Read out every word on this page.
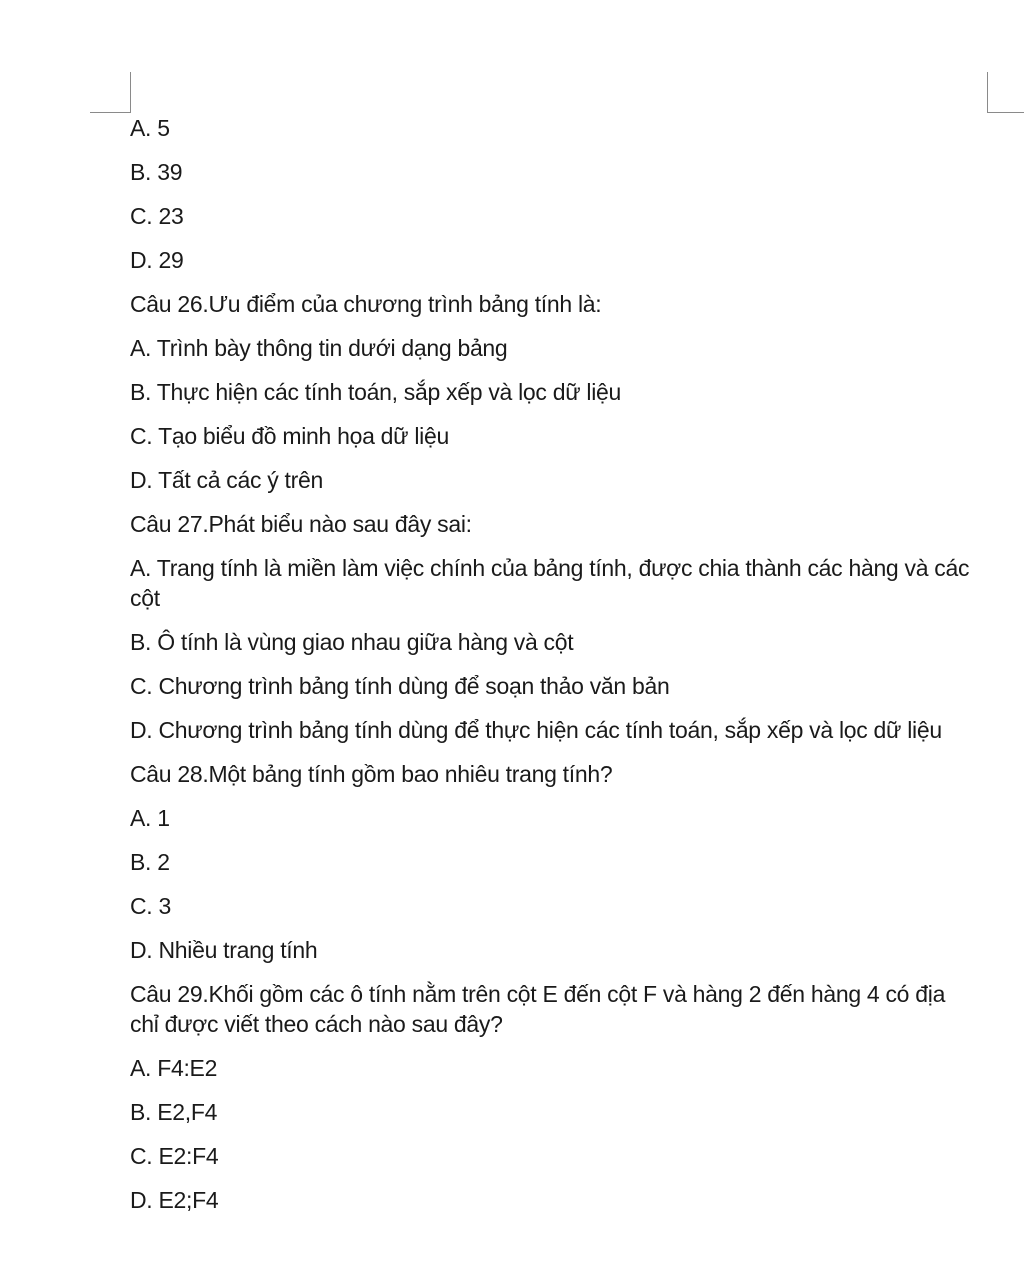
A. 5

B. 39

C. 23

D. 29

Câu 26.Ưu điểm của chương trình bảng tính là:

A. Trình bày thông tin dưới dạng bảng

B. Thực hiện các tính toán, sắp xếp và lọc dữ liệu

C. Tạo biểu đồ minh họa dữ liệu

D. Tất cả các ý trên

Câu 27.Phát biểu nào sau đây sai:

A. Trang tính là miền làm việc chính của bảng tính, được chia thành các hàng và các cột

B. Ô tính là vùng giao nhau giữa hàng và cột

C. Chương trình bảng tính dùng để soạn thảo văn bản

D. Chương trình bảng tính dùng để thực hiện các tính toán, sắp xếp và lọc dữ liệu

Câu 28.Một bảng tính gồm bao nhiêu trang tính?

A. 1

B. 2

C. 3

D. Nhiều trang tính

Câu 29.Khối gồm các ô tính nằm trên cột E đến cột F và hàng 2 đến hàng 4 có địa chỉ được viết theo cách nào sau đây?

A. F4:E2

B. E2,F4

C. E2:F4

D. E2;F4
